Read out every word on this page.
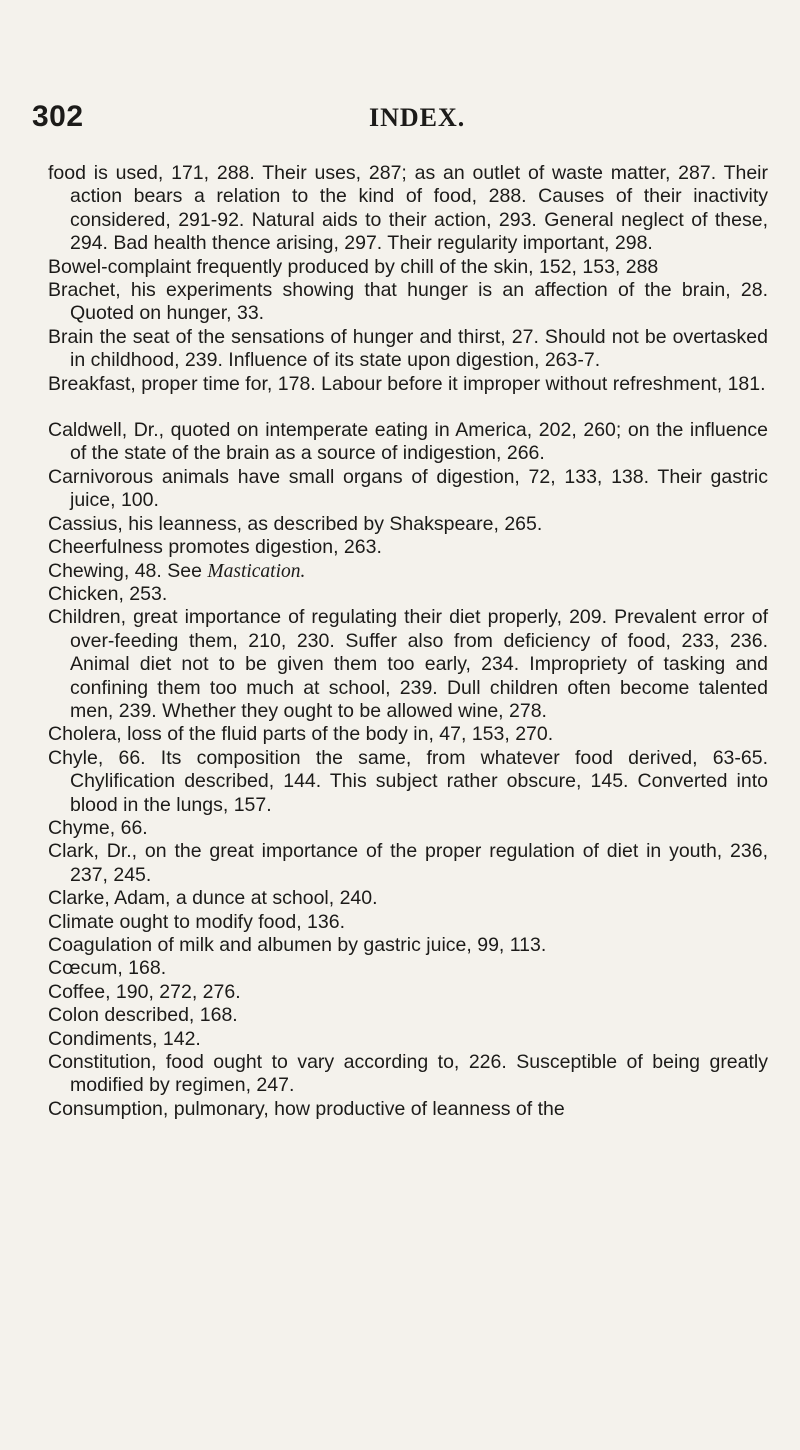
302	INDEX.

food is used, 171, 288. Their uses, 287; as an outlet of waste matter, 287. Their action bears a relation to the kind of food, 288. Causes of their inactivity considered, 291-92. Natural aids to their action, 293. General neglect of these, 294. Bad health thence arising, 297. Their regularity important, 298.

Bowel-complaint frequently produced by chill of the skin, 152, 153, 288

Brachet, his experiments showing that hunger is an affection of the brain, 28. Quoted on hunger, 33.

Brain the seat of the sensations of hunger and thirst, 27. Should not be overtasked in childhood, 239. Influence of its state upon digestion, 263-7.

Breakfast, proper time for, 178. Labour before it improper without refreshment, 181.

Caldwell, Dr., quoted on intemperate eating in America, 202, 260; on the influence of the state of the brain as a source of indigestion, 266.

Carnivorous animals have small organs of digestion, 72, 133, 138. Their gastric juice, 100.

Cassius, his leanness, as described by Shakspeare, 265.

Cheerfulness promotes digestion, 263.

Chewing, 48. See Mastication.

Chicken, 253.

Children, great importance of regulating their diet properly, 209. Prevalent error of over-feeding them, 210, 230. Suffer also from deficiency of food, 233, 236. Animal diet not to be given them too early, 234. Impropriety of tasking and confining them too much at school, 239. Dull children often become talented men, 239. Whether they ought to be allowed wine, 278.

Cholera, loss of the fluid parts of the body in, 47, 153, 270.

Chyle, 66. Its composition the same, from whatever food derived, 63-65. Chylification described, 144. This subject rather obscure, 145. Converted into blood in the lungs, 157.

Chyme, 66.

Clark, Dr., on the great importance of the proper regulation of diet in youth, 236, 237, 245.

Clarke, Adam, a dunce at school, 240.

Climate ought to modify food, 136.

Coagulation of milk and albumen by gastric juice, 99, 113.

Cœcum, 168.

Coffee, 190, 272, 276.

Colon described, 168.

Condiments, 142.

Constitution, food ought to vary according to, 226. Susceptible of being greatly modified by regimen, 247.

Consumption, pulmonary, how productive of leanness of the
